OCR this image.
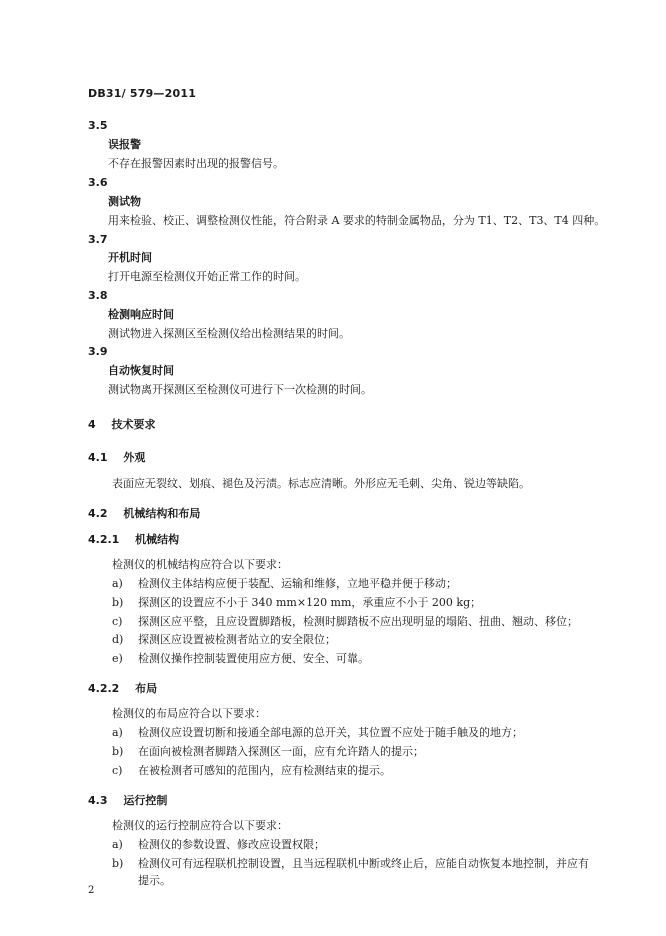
DB31/ 579—2011
3.5
误报警
不存在报警因素时出现的报警信号。
3.6
测试物
用来检验、校正、调整检测仪性能，符合附录 A 要求的特制金属物品，分为 T1、T2、T3、T4 四种。
3.7
开机时间
打开电源至检测仪开始正常工作的时间。
3.8
检测响应时间
测试物进入探测区至检测仪给出检测结果的时间。
3.9
自动恢复时间
测试物离开探测区至检测仪可进行下一次检测的时间。
4 技术要求
4.1 外观
表面应无裂纹、划痕、褪色及污渍。标志应清晰。外形应无毛刺、尖角、锐边等缺陷。
4.2 机械结构和布局
4.2.1 机械结构
检测仪的机械结构应符合以下要求：
a) 检测仪主体结构应便于装配、运输和维修，立地平稳并便于移动；
b) 探测区的设置应不小于 340 mm×120 mm，承重应不小于 200 kg；
c) 探测区应平整，且应设置脚踏板，检测时脚踏板不应出现明显的塌陷、扭曲、翘动、移位；
d) 探测区应设置被检测者站立的安全限位；
e) 检测仪操作控制装置使用应方便、安全、可靠。
4.2.2 布局
检测仪的布局应符合以下要求：
a) 检测仪应设置切断和接通全部电源的总开关，其位置不应处于随手触及的地方；
b) 在面向被检测者脚踏入探测区一面，应有允许踏人的提示；
c) 在被检测者可感知的范围内，应有检测结束的提示。
4.3 运行控制
检测仪的运行控制应符合以下要求：
a) 检测仪的参数设置、修改应设置权限；
b) 检测仪可有远程联机控制设置，且当远程联机中断或终止后，应能自动恢复本地控制，并应有
提示。
2
